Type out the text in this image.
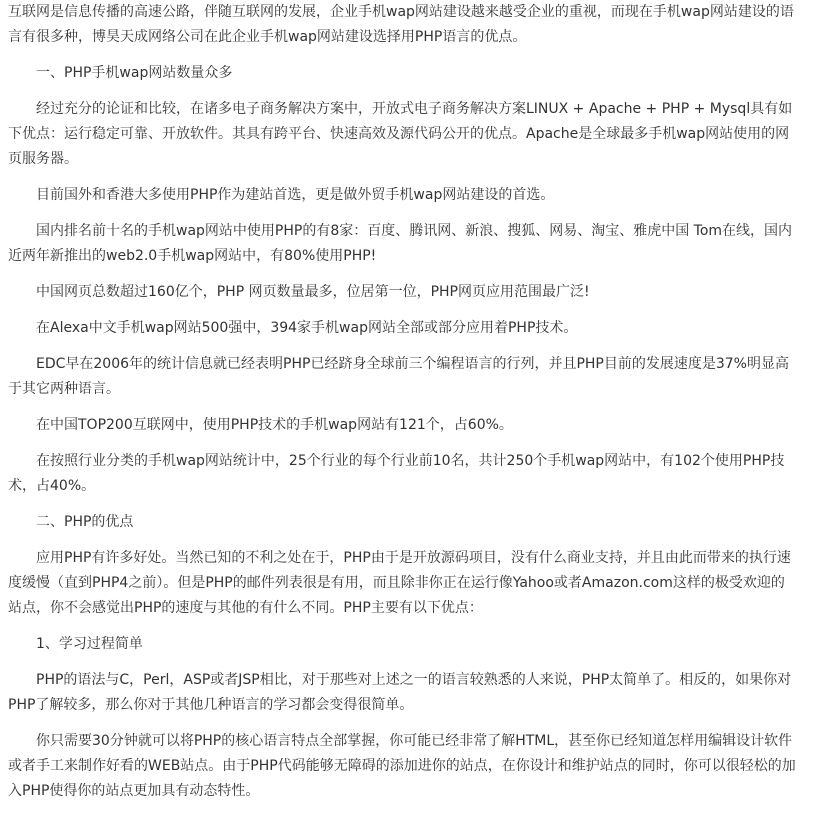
互联网是信息传播的高速公路，伴随互联网的发展，企业手机wap网站建设越来越受企业的重视，而现在手机wap网站建设的语言有很多种，博昊天成网络公司在此企业手机wap网站建设选择用PHP语言的优点。

一、PHP手机wap网站数量众多

经过充分的论证和比较，在诸多电子商务解决方案中，开放式电子商务解决方案LINUX + Apache + PHP + Mysql具有如下优点：运行稳定可靠、开放软件。其具有跨平台、快速高效及源代码公开的优点。Apache是全球最多手机wap网站使用的网页服务器。

目前国外和香港大多使用PHP作为建站首选，更是做外贸手机wap网站建设的首选。

国内排名前十名的手机wap网站中使用PHP的有8家：百度、腾讯网、新浪、搜狐、网易、淘宝、雅虎中国 Tom在线，国内近两年新推出的web2.0手机wap网站中，有80%使用PHP!

中国网页总数超过160亿个，PHP 网页数量最多，位居第一位，PHP网页应用范围最广泛!

在Alexa中文手机wap网站500强中，394家手机wap网站全部或部分应用着PHP技术。

EDC早在2006年的统计信息就已经表明PHP已经跻身全球前三个编程语言的行列，并且PHP目前的发展速度是37%明显高于其它两种语言。

在中国TOP200互联网中，使用PHP技术的手机wap网站有121个，占60%。

在按照行业分类的手机wap网站统计中，25个行业的每个行业前10名，共计250个手机wap网站中，有102个使用PHP技术，占40%。

二、PHP的优点

应用PHP有许多好处。当然已知的不利之处在于，PHP由于是开放源码项目，没有什么商业支持，并且由此而带来的执行速度缓慢（直到PHP4之前）。但是PHP的邮件列表很是有用，而且除非你正在运行像Yahoo或者Amazon.com这样的极受欢迎的站点，你不会感觉出PHP的速度与其他的有什么不同。PHP主要有以下优点：

1、学习过程简单

PHP的语法与C，Perl，ASP或者JSP相比，对于那些对上述之一的语言较熟悉的人来说，PHP太简单了。相反的，如果你对PHP了解较多，那么你对于其他几种语言的学习都会变得很简单。

你只需要30分钟就可以将PHP的核心语言特点全部掌握，你可能已经非常了解HTML，甚至你已经知道怎样用编辑设计软件或者手工来制作好看的WEB站点。由于PHP代码能够无障碍的添加进你的站点，在你设计和维护站点的同时，你可以很轻松的加入PHP使得你的站点更加具有动态特性。
